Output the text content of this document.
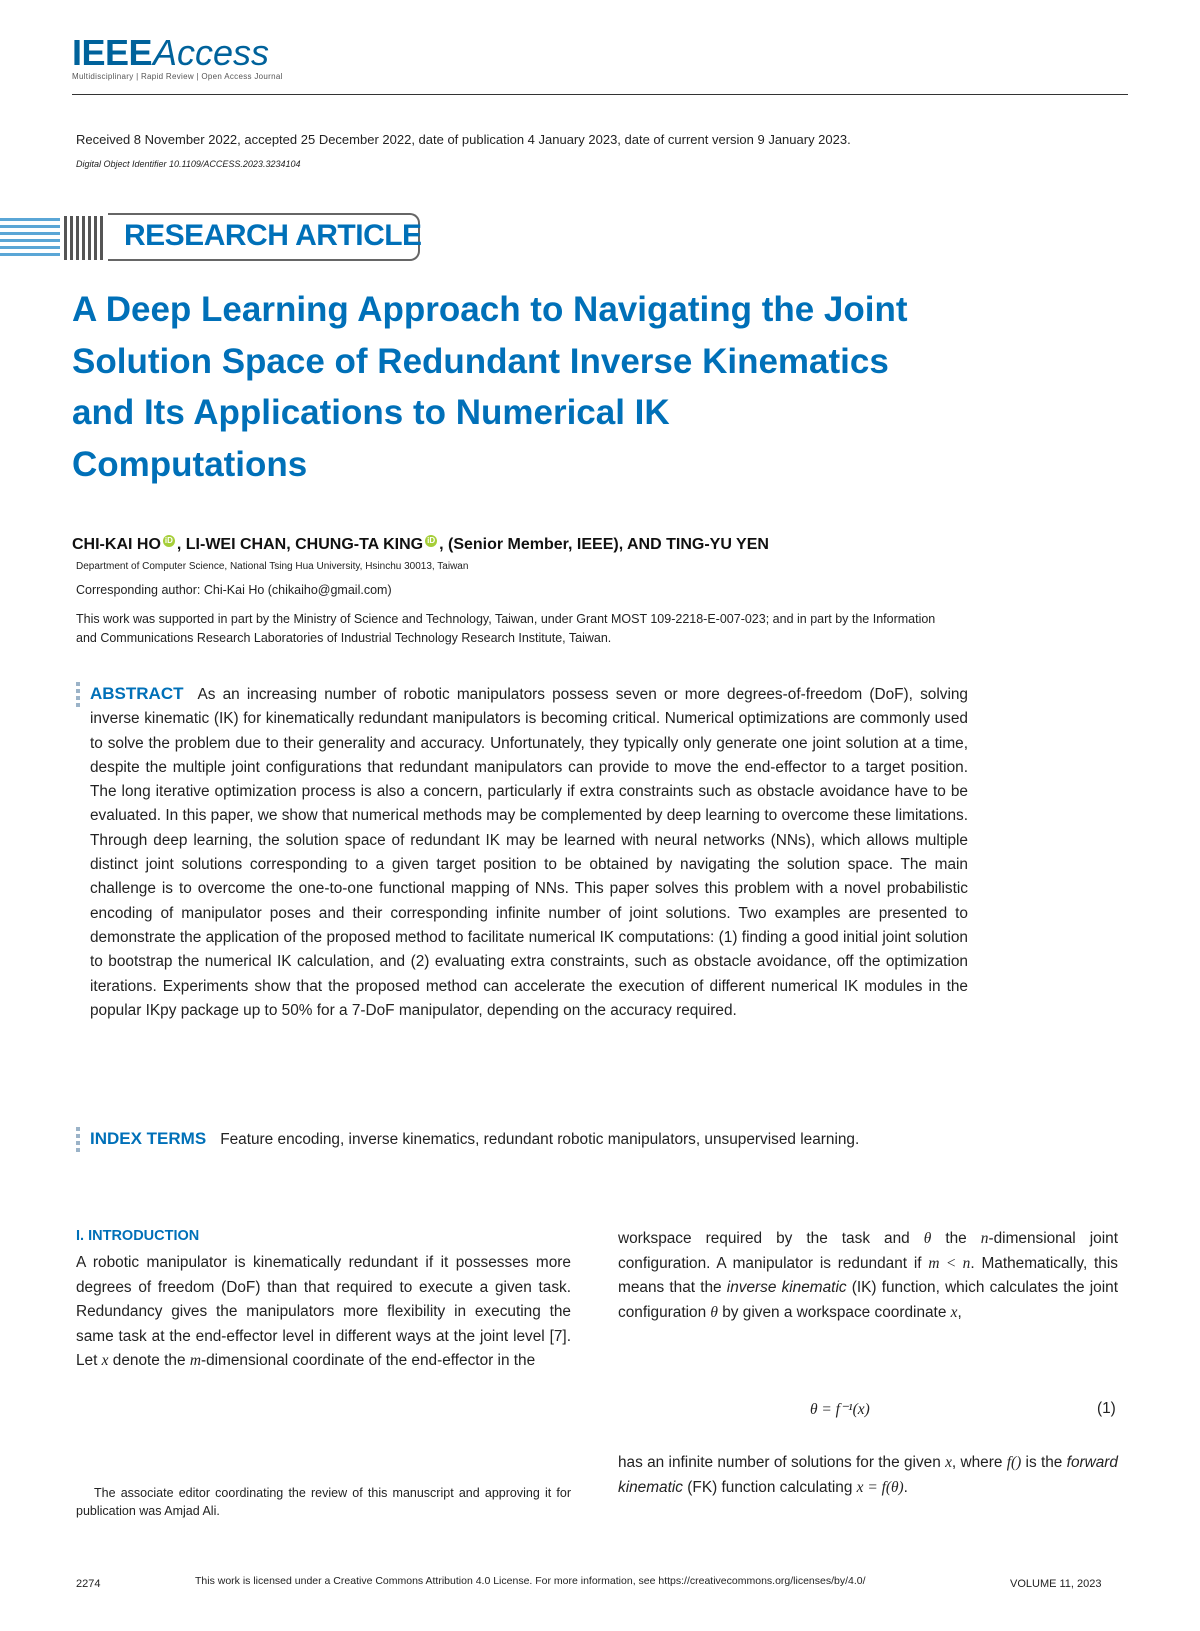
IEEE Access
Multidisciplinary | Rapid Review | Open Access Journal
Received 8 November 2022, accepted 25 December 2022, date of publication 4 January 2023, date of current version 9 January 2023.
Digital Object Identifier 10.1109/ACCESS.2023.3234104
RESEARCH ARTICLE
A Deep Learning Approach to Navigating the Joint Solution Space of Redundant Inverse Kinematics and Its Applications to Numerical IK Computations
CHI-KAI HO iD , LI-WEI CHAN, CHUNG-TA KING iD , (Senior Member, IEEE), AND TING-YU YEN
Department of Computer Science, National Tsing Hua University, Hsinchu 30013, Taiwan
Corresponding author: Chi-Kai Ho (chikaiho@gmail.com)

This work was supported in part by the Ministry of Science and Technology, Taiwan, under Grant MOST 109-2218-E-007-023; and in part by the Information and Communications Research Laboratories of Industrial Technology Research Institute, Taiwan.

ABSTRACT As an increasing number of robotic manipulators possess seven or more degrees-of-freedom (DoF), solving inverse kinematic (IK) for kinematically redundant manipulators is becoming critical. Numerical optimizations are commonly used to solve the problem due to their generality and accuracy. Unfortunately, they typically only generate one joint solution at a time, despite the multiple joint configurations that redundant manipulators can provide to move the end-effector to a target position. The long iterative optimization process is also a concern, particularly if extra constraints such as obstacle avoidance have to be evaluated. In this paper, we show that numerical methods may be complemented by deep learning to overcome these limitations. Through deep learning, the solution space of redundant IK may be learned with neural networks (NNs), which allows multiple distinct joint solutions corresponding to a given target position to be obtained by navigating the solution space. The main challenge is to overcome the one-to-one functional mapping of NNs. This paper solves this problem with a novel probabilistic encoding of manipulator poses and their corresponding infinite number of joint solutions. Two examples are presented to demonstrate the application of the proposed method to facilitate numerical IK computations: (1) finding a good initial joint solution to bootstrap the numerical IK calculation, and (2) evaluating extra constraints, such as obstacle avoidance, off the optimization iterations. Experiments show that the proposed method can accelerate the execution of different numerical IK modules in the popular IKpy package up to 50% for a 7-DoF manipulator, depending on the accuracy required.

INDEX TERMS Feature encoding, inverse kinematics, redundant robotic manipulators, unsupervised learning.

I. INTRODUCTION

A robotic manipulator is kinematically redundant if it possesses more degrees of freedom (DoF) than that required to execute a given task. Redundancy gives the manipulators more flexibility in executing the same task at the end-effector level in different ways at the joint level [7]. Let x denote the m-dimensional coordinate of the end-effector in the

workspace required by the task and θ the n-dimensional joint configuration. A manipulator is redundant if m < n. Mathematically, this means that the inverse kinematic (IK) function, which calculates the joint configuration θ by given a workspace coordinate x,

θ = f⁻¹(x)	(1)

has an infinite number of solutions for the given x, where f() is the forward kinematic (FK) function calculating x = f(θ).

The associate editor coordinating the review of this manuscript and approving it for publication was Amjad Ali.

2274	This work is licensed under a Creative Commons Attribution 4.0 License. For more information, see https://creativecommons.org/licenses/by/4.0/	VOLUME 11, 2023
